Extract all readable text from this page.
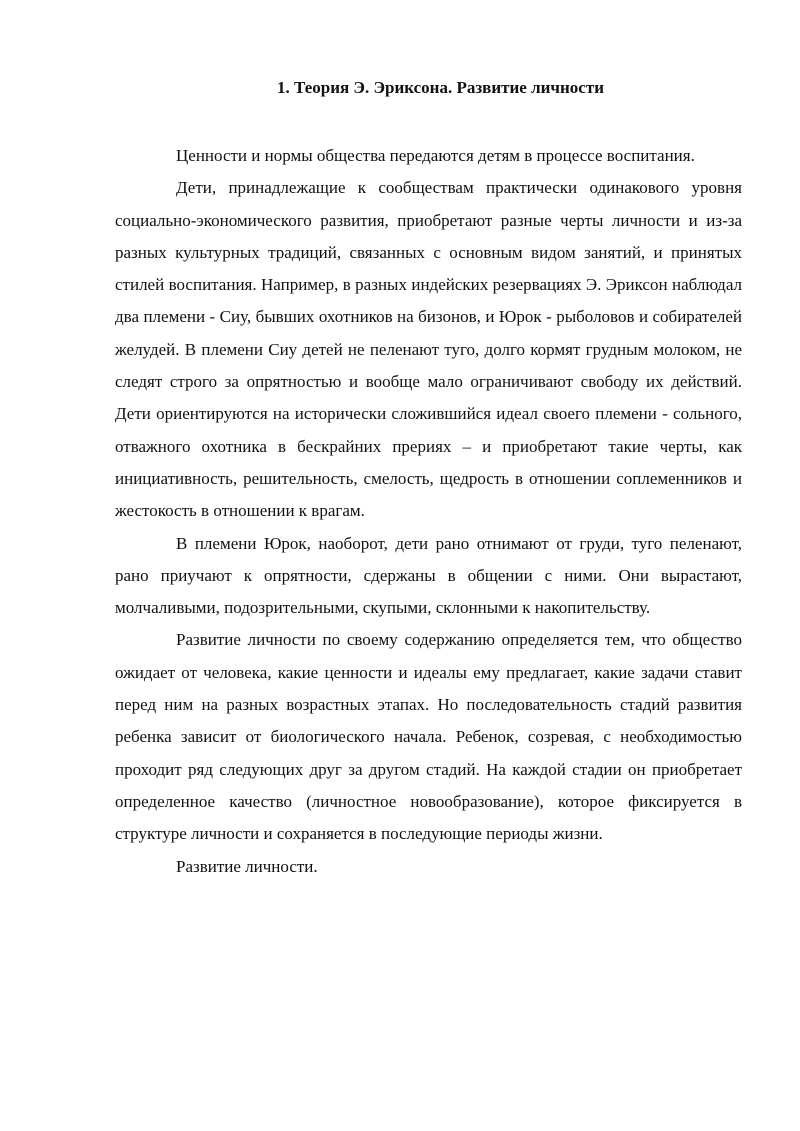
1. Теория Э. Эриксона. Развитие личности

Ценности и нормы общества передаются детям в процессе воспитания.

Дети, принадлежащие к сообществам практически одинакового уровня социально-экономического развития, приобретают разные черты личности и из-за разных культурных традиций, связанных с основным видом занятий, и принятых стилей воспитания. Например, в разных индейских резервациях Э. Эриксон наблюдал два племени - Сиу, бывших охотников на бизонов, и Юрок - рыболовов и собирателей желудей. В племени Сиу детей не пеленают туго, долго кормят грудным молоком, не следят строго за опрятностью и вообще мало ограничивают свободу их действий. Дети ориентируются на исторически сложившийся идеал своего племени - сольного, отважного охотника в бескрайних прериях – и приобретают такие черты, как инициативность, решительность, смелость, щедрость в отношении соплеменников и жестокость в отношении к врагам.

В племени Юрок, наоборот, дети рано отнимают от груди, туго пеленают, рано приучают к опрятности, сдержаны в общении с ними. Они вырастают, молчаливыми, подозрительными, скупыми, склонными к накопительству.

Развитие личности по своему содержанию определяется тем, что общество ожидает от человека, какие ценности и идеалы ему предлагает, какие задачи ставит перед ним на разных возрастных этапах. Но последовательность стадий развития ребенка зависит от биологического начала. Ребенок, созревая, с необходимостью проходит ряд следующих друг за другом стадий. На каждой стадии он приобретает определенное качество (личностное новообразование), которое фиксируется в структуре личности и сохраняется в последующие периоды жизни.

Развитие личности.
